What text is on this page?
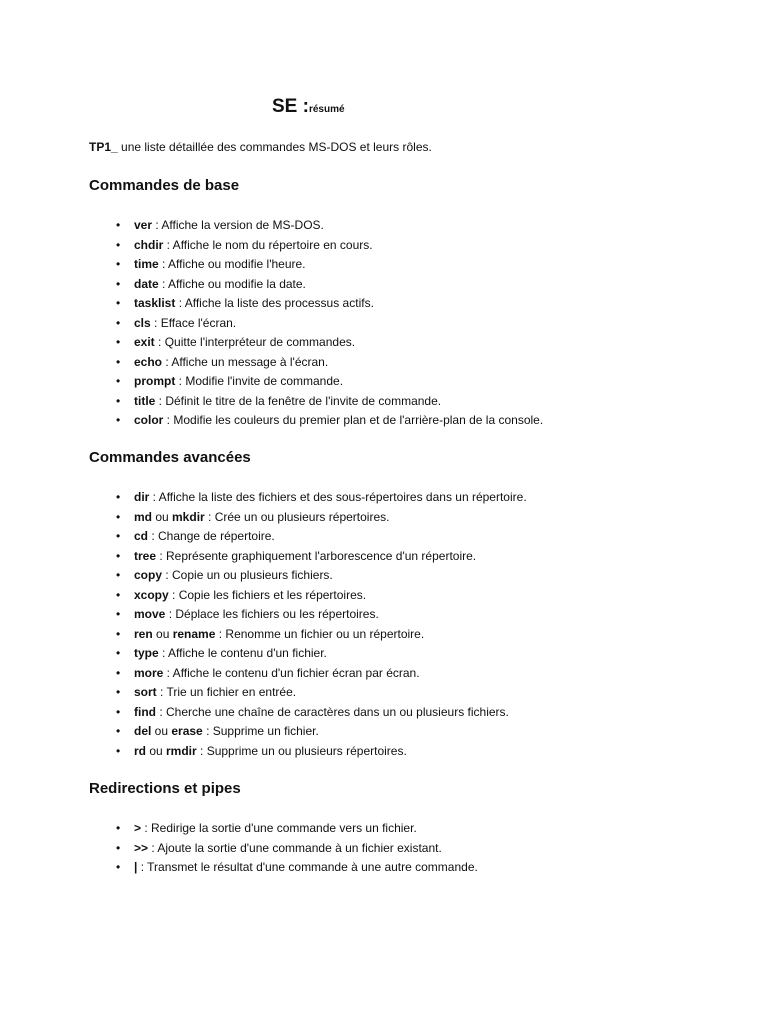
SE :résumé
TP1_ une liste détaillée des commandes MS-DOS et leurs rôles.
Commandes de base
• ver : Affiche la version de MS-DOS.
• chdir : Affiche le nom du répertoire en cours.
• time : Affiche ou modifie l'heure.
• date : Affiche ou modifie la date.
• tasklist : Affiche la liste des processus actifs.
• cls : Efface l'écran.
• exit : Quitte l'interpréteur de commandes.
• echo : Affiche un message à l'écran.
• prompt : Modifie l'invite de commande.
• title : Définit le titre de la fenêtre de l'invite de commande.
• color : Modifie les couleurs du premier plan et de l'arrière-plan de la console.
Commandes avancées
• dir : Affiche la liste des fichiers et des sous-répertoires dans un répertoire.
• md ou mkdir : Crée un ou plusieurs répertoires.
• cd : Change de répertoire.
• tree : Représente graphiquement l'arborescence d'un répertoire.
• copy : Copie un ou plusieurs fichiers.
• xcopy : Copie les fichiers et les répertoires.
• move : Déplace les fichiers ou les répertoires.
• ren ou rename : Renomme un fichier ou un répertoire.
• type : Affiche le contenu d'un fichier.
• more : Affiche le contenu d'un fichier écran par écran.
• sort : Trie un fichier en entrée.
• find : Cherche une chaîne de caractères dans un ou plusieurs fichiers.
• del ou erase : Supprime un fichier.
• rd ou rmdir : Supprime un ou plusieurs répertoires.
Redirections et pipes
• > : Redirige la sortie d'une commande vers un fichier.
• >> : Ajoute la sortie d'une commande à un fichier existant.
• | : Transmet le résultat d'une commande à une autre commande.
